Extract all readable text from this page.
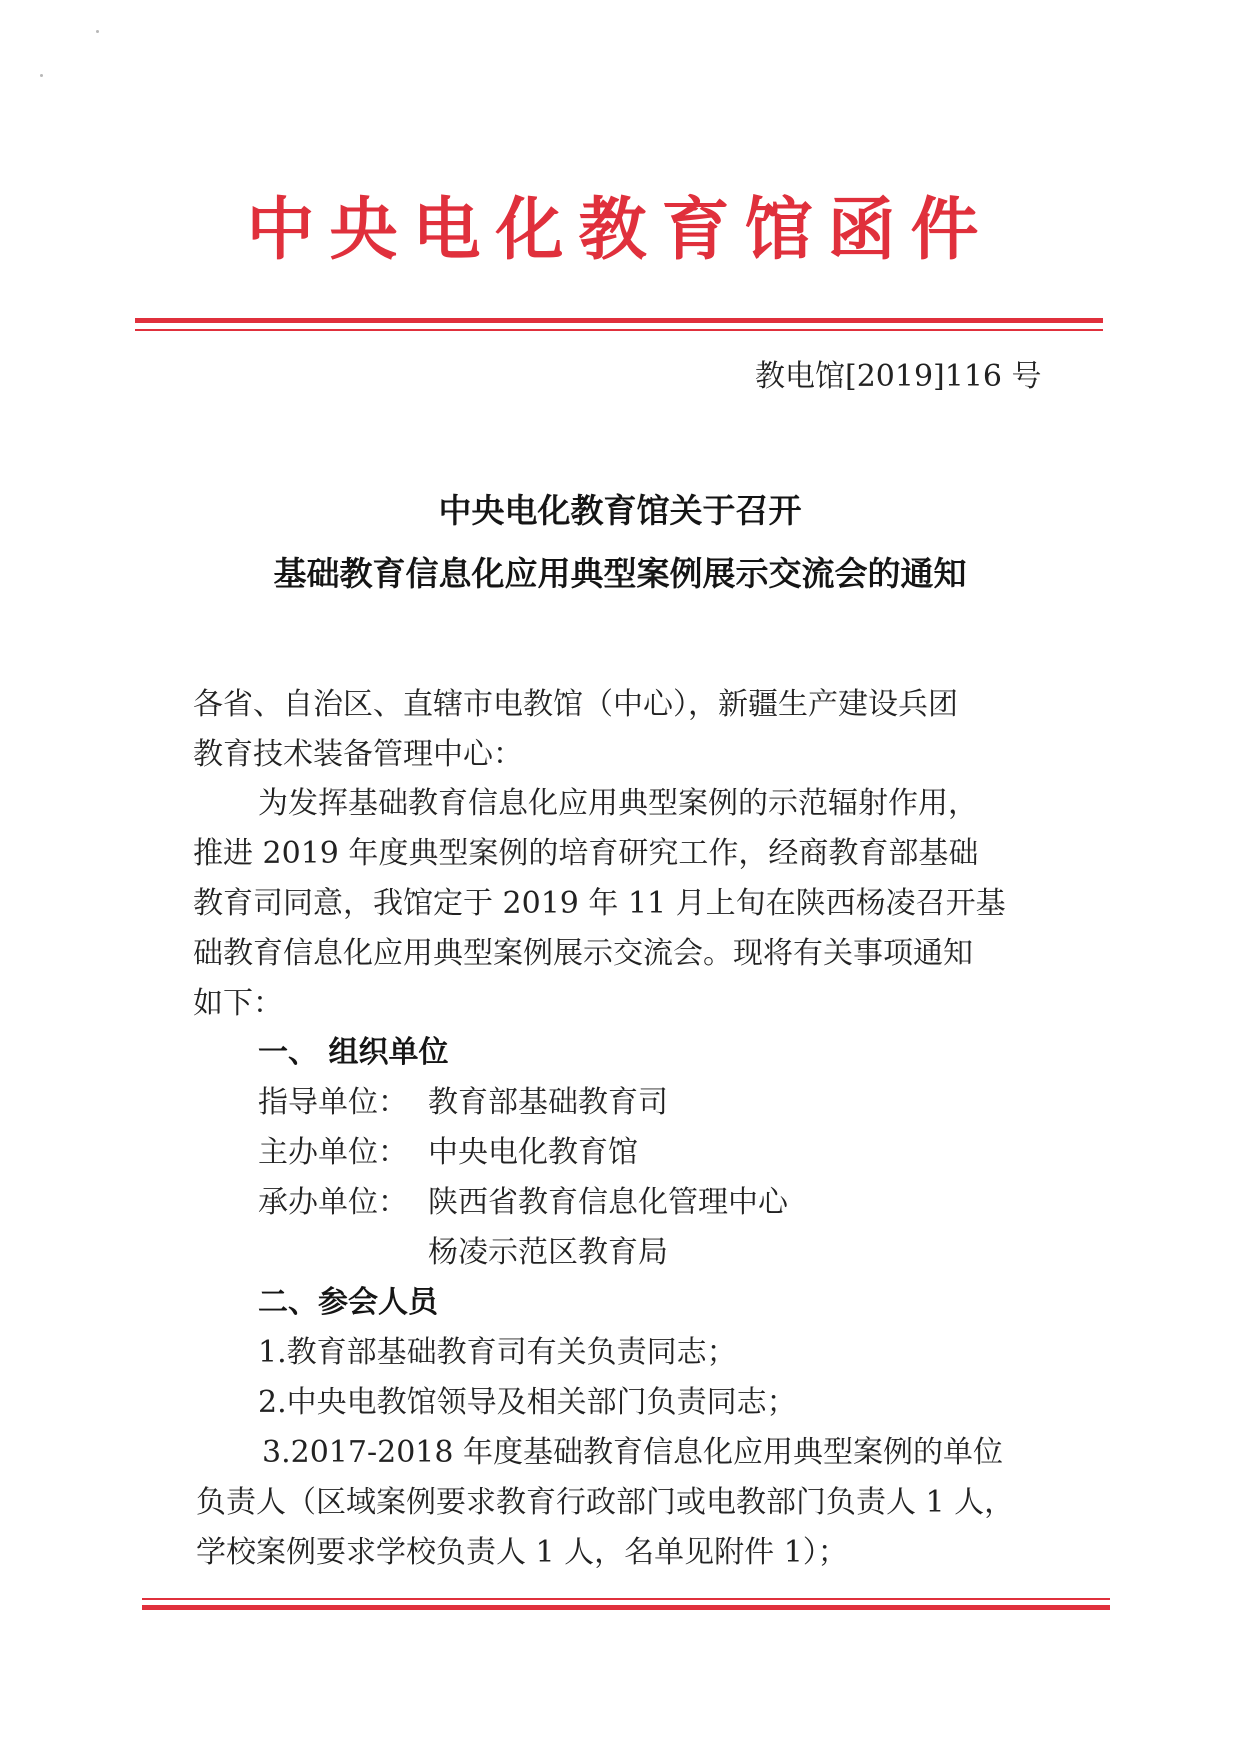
中央电化教育馆函件
教电馆[2019]116 号
中央电化教育馆关于召开
基础教育信息化应用典型案例展示交流会的通知
各省、自治区、直辖市电教馆（中心），新疆生产建设兵团
教育技术装备管理中心：
为发挥基础教育信息化应用典型案例的示范辐射作用，
推进 2019 年度典型案例的培育研究工作，经商教育部基础
教育司同意，我馆定于 2019 年 11 月上旬在陕西杨凌召开基
础教育信息化应用典型案例展示交流会。现将有关事项通知
如下：
一、 组织单位
指导单位： 教育部基础教育司
主办单位： 中央电化教育馆
承办单位： 陕西省教育信息化管理中心
杨凌示范区教育局
二、参会人员
1.教育部基础教育司有关负责同志；
2.中央电教馆领导及相关部门负责同志；
3.2017-2018 年度基础教育信息化应用典型案例的单位
负责人（区域案例要求教育行政部门或电教部门负责人 1 人，
学校案例要求学校负责人 1 人，名单见附件 1）；
